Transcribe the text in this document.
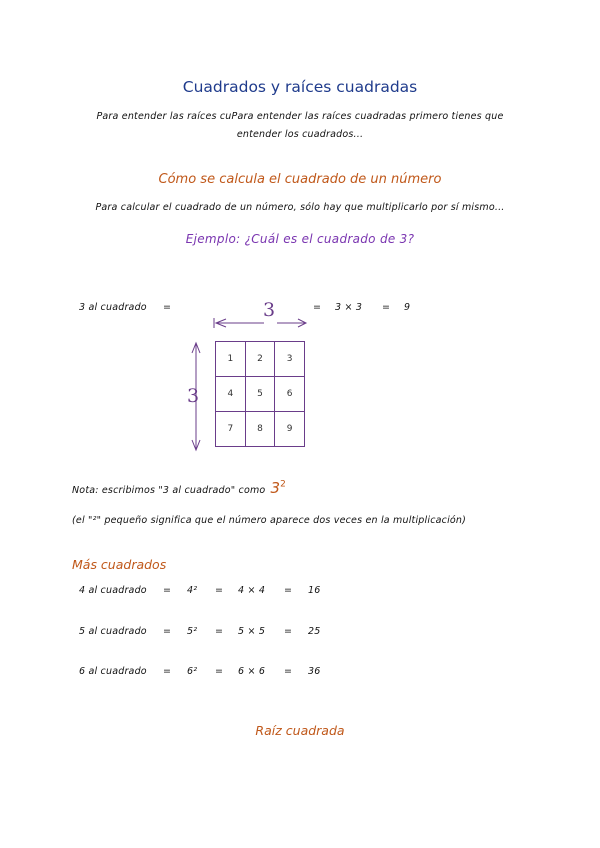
Cuadrados y raíces cuadradas
Para entender las raíces cuPara entender las raíces cuadradas primero tienes que entender los cuadrados...
Cómo se calcula el cuadrado de un número
Para calcular el cuadrado de un número, sólo hay que multiplicarlo por sí mismo...
Ejemplo: ¿Cuál es el cuadrado de 3?
3 al cuadrado =	= 3 × 3 = 9
3
3
1	2	3
4	5	6
7	8	9
Nota: escribimos "3 al cuadrado" como $3^2$
(el "²" pequeño significa que el número aparece dos veces en la multiplicación)
Más cuadrados
4 al cuadrado = 4² = 4 × 4 = 16
5 al cuadrado = 5² = 5 × 5 = 25
6 al cuadrado = 6² = 6 × 6 = 36
Raíz cuadrada
